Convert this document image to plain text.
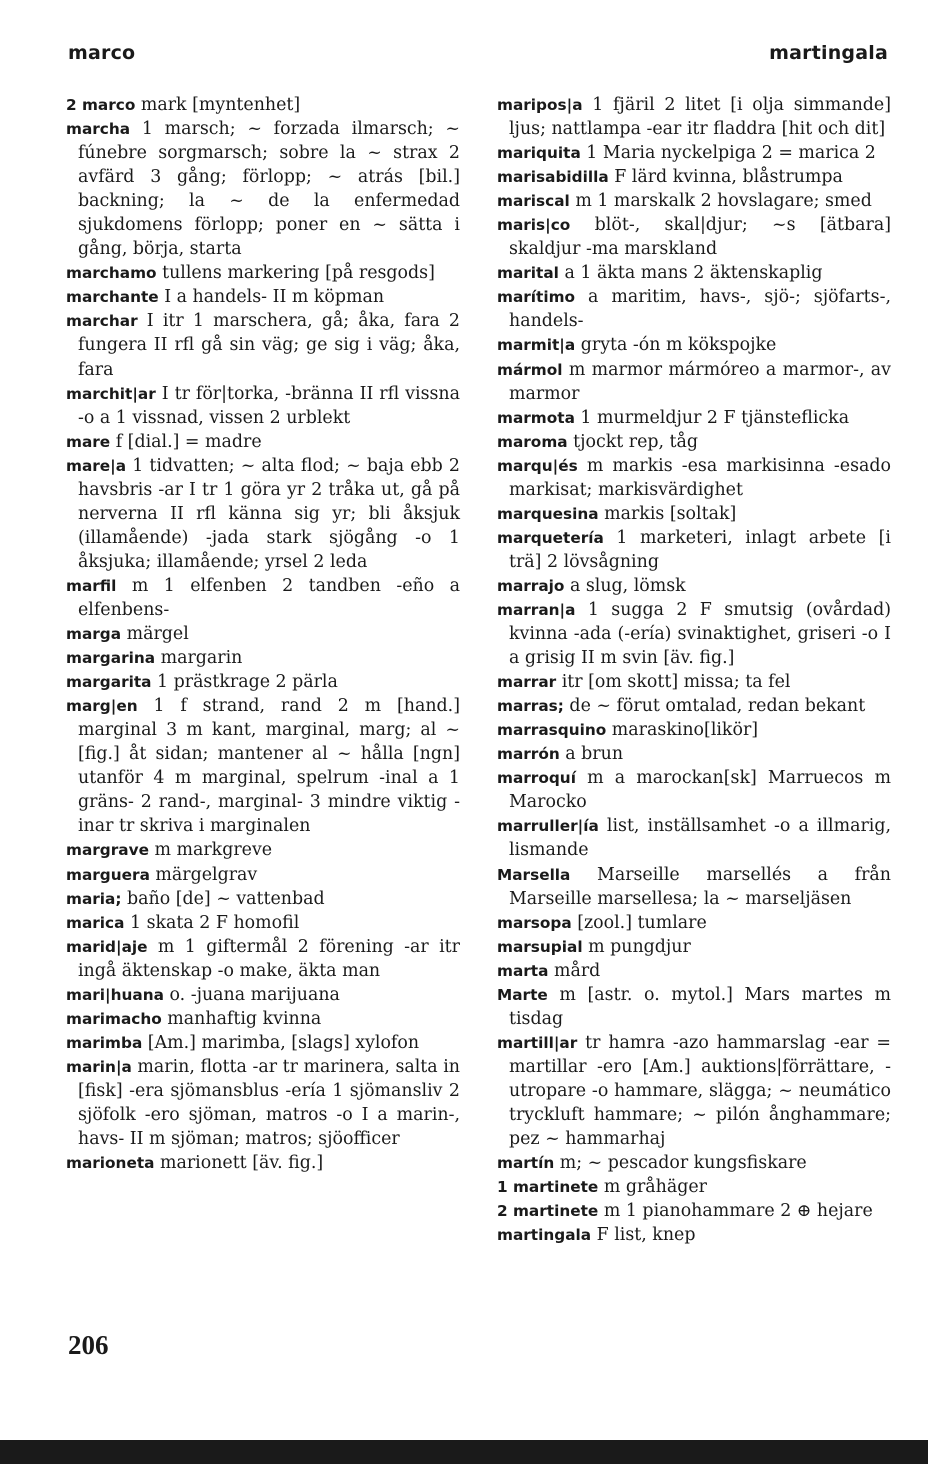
marco	martingala

2 marco mark [myntenhet]

marcha 1 marsch; ~ forzada ilmarsch; ~ fúnebre sorgmarsch; sobre la ~ strax 2 avfärd 3 gång; förlopp; ~ atrás [bil.] backning; la ~ de la enfermedad sjukdomens förlopp; poner en ~ sätta i gång, börja, starta

marchamo tullens markering [på resgods]

marchante I a handels- II m köpman

marchar I itr 1 marschera, gå; åka, fara 2 fungera II rfl gå sin väg; ge sig i väg; åka, fara

marchit|ar I tr för|torka, -bränna II rfl vissna -o a 1 vissnad, vissen 2 urblekt

mare f [dial.] = madre

mare|a 1 tidvatten; ~ alta flod; ~ baja ebb 2 havsbris -ar I tr 1 göra yr 2 tråka ut, gå på nerverna II rfl känna sig yr; bli åksjuk (illamående) -jada stark sjögång -o 1 åksjuka; illamående; yrsel 2 leda

marfil m 1 elfenben 2 tandben -eño a elfenbens-

marga märgel

margarina margarin

margarita 1 prästkrage 2 pärla

marg|en 1 f strand, rand 2 m [hand.] marginal 3 m kant, marginal, marg; al ~ [fig.] åt sidan; mantener al ~ hålla [ngn] utanför 4 m marginal, spelrum -inal a 1 gräns- 2 rand-, marginal- 3 mindre viktig -inar tr skriva i marginalen

margrave m markgreve

marguera märgelgrav

maria; baño [de] ~ vattenbad

marica 1 skata 2 F homofil

marid|aje m 1 giftermål 2 förening -ar itr ingå äktenskap -o make, äkta man

mari|huana o. -juana marijuana

marimacho manhaftig kvinna

marimba [Am.] marimba, [slags] xylofon

marin|a marin, flotta -ar tr marinera, salta in [fisk] -era sjömansblus -ería 1 sjömansliv 2 sjöfolk -ero sjöman, matros -o I a marin-, havs- II m sjöman; matros; sjöofficer

marioneta marionett [äv. fig.]

maripos|a 1 fjäril 2 litet [i olja simmande] ljus; nattlampa -ear itr fladdra [hit och dit]

mariquita 1 Maria nyckelpiga 2 = marica 2

marisabidilla F lärd kvinna, blåstrumpa

mariscal m 1 marskalk 2 hovslagare; smed

maris|co blöt-, skal|djur; ~s [ätbara] skaldjur -ma marskland

marital a 1 äkta mans 2 äktenskaplig

marítimo a maritim, havs-, sjö-; sjöfarts-, handels-

marmit|a gryta -ón m kökspojke

mármol m marmor mármóreo a marmor-, av marmor

marmota 1 murmeldjur 2 F tjänsteflicka

maroma tjockt rep, tåg

marqu|és m markis -esa markisinna -esado markisat; markisvärdighet

marquesina markis [soltak]

marquetería 1 marketeri, inlagt arbete [i trä] 2 lövsågning

marrajo a slug, lömsk

marran|a 1 sugga 2 F smutsig (ovårdad) kvinna -ada (-ería) svinaktighet, griseri -o I a grisig II m svin [äv. fig.]

marrar itr [om skott] missa; ta fel

marras; de ~ förut omtalad, redan bekant

marrasquino maraskino[likör]

marrón a brun

marroquí m a marockan[sk] Marruecos m Marocko

marruller|ía list, inställsamhet -o a illmarig, lismande

Marsella Marseille marsellés a från Marseille marsellesa; la ~ marseljäsen

marsopa [zool.] tumlare

marsupial m pungdjur

marta mård

Marte m [astr. o. mytol.] Mars martes m tisdag

martill|ar tr hamra -azo hammarslag -ear = martillar -ero [Am.] auktions|förrättare, -utropare -o hammare, slägga; ~ neumático tryckluft hammare; ~ pilón ånghammare; pez ~ hammarhaj

martín m; ~ pescador kungsfiskare

1 martinete m gråhäger

2 martinete m 1 pianohammare 2 ⊕ hejare

martingala F list, knep

206
